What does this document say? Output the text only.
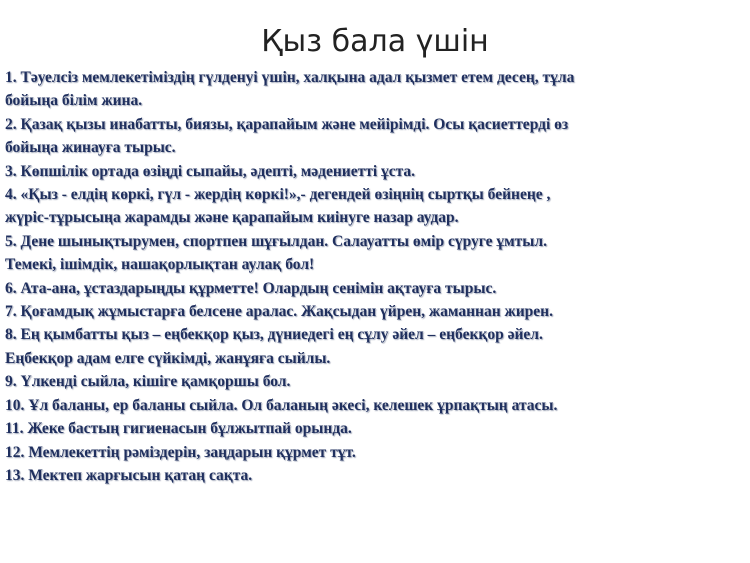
Қыз бала үшін

1. Тәуелсіз мемлекетіміздің гүлденуі үшін, халқына адал қызмет етем десең, тұла
бойыңа білім жина.

2. Қазақ қызы инабатты, биязы, қарапайым және мейірімді. Осы қасиеттерді өз
бойыңа жинауға тырыс.

3. Көпшілік ортада өзіңді сыпайы, әдепті, мәдениетті ұста.

4. «Қыз - елдің көркі, гүл - жердің көркі!»,- дегендей өзіңнің сыртқы бейнеңе ,
жүріс-тұрысыңа жарамды және қарапайым киінуге назар аудар.

5. Дене шынықтырумен, спортпен шұғылдан. Салауатты өмір сүруге ұмтыл.
Темекі, ішімдік, нашақорлықтан аулақ бол!

6. Ата-ана, ұстаздарыңды құрметте! Олардың сенімін ақтауға тырыс.

7. Қоғамдық жұмыстарға белсене аралас. Жақсыдан үйрен, жаманнан жирен.

8. Ең қымбатты қыз – еңбекқор қыз, дүниедегі ең сұлу әйел – еңбекқор әйел.
Еңбекқор адам елге сүйкімді, жанұяға сыйлы.

9. Үлкенді сыйла, кішіге қамқоршы бол.

10. Ұл баланы, ер баланы сыйла. Ол баланың әкесі, келешек ұрпақтың атасы.

11. Жеке бастың гигиенасын бұлжытпай орында.

12. Мемлекеттің рәміздерін, заңдарын құрмет тұт.

13. Мектеп жарғысын қатаң сақта.
